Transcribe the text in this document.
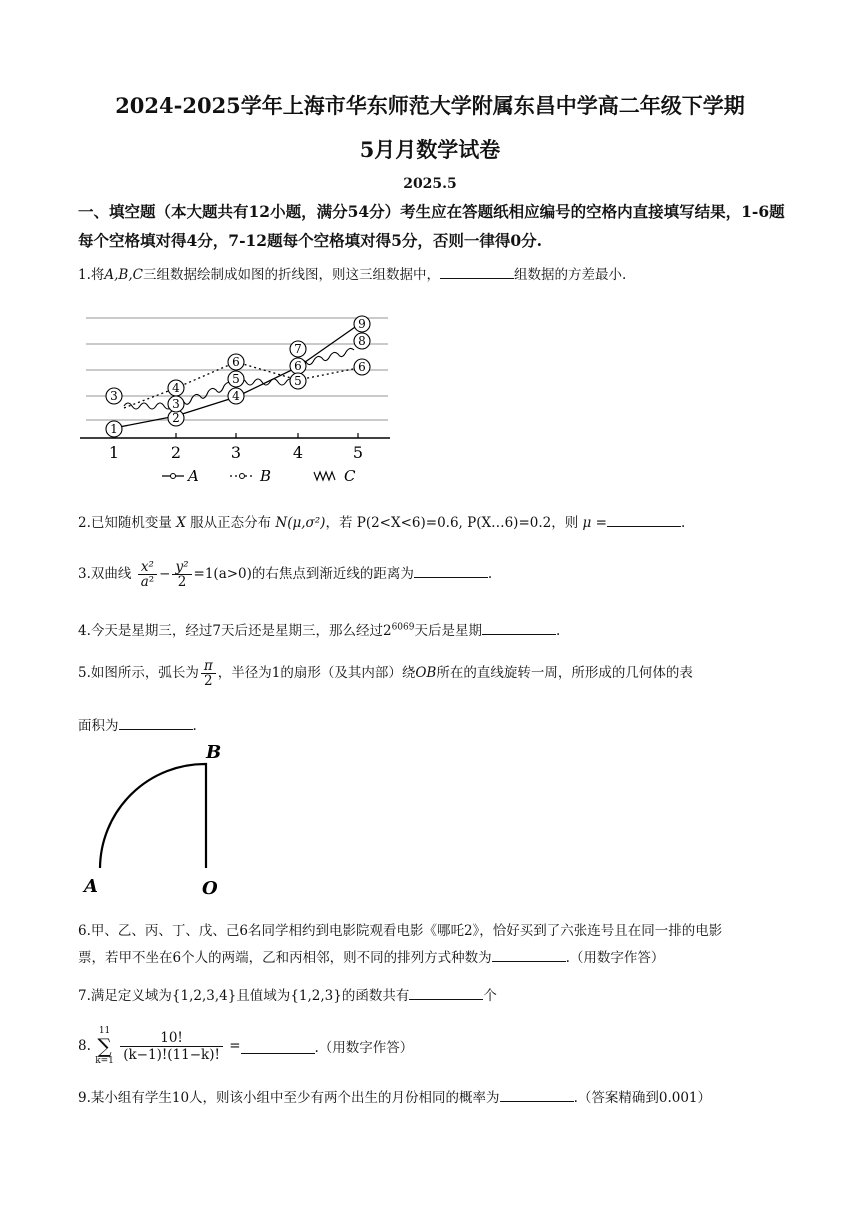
2024-2025学年上海市华东师范大学附属东昌中学高二年级下学期
5月月数学试卷
2025.5
一、填空题（本大题共有12小题，满分54分）考生应在答题纸相应编号的空格内直接填写结果，1-6题每个空格填对得4分，7-12题每个空格填对得5分，否则一律得0分.
1.将A,B,C三组数据绘制成如图的折线图，则这三组数据中，	组数据的方差最小.
1	2	3	4	5
1
2
3
4
3
6
5
4
7
6
5
9
8
6
A	B	C
2.已知随机变量 X 服从正态分布 N(μ,σ²)，若 P(2<X<6)=0.6, P(X…6)=0.2，则 μ =	.
3.双曲线 $\frac{\text{x²}}{\text{a²}} - \frac{\text{y²}}{2} =1(a>0)$的右焦点到渐近线的距离为	.
4.今天是星期三，经过7天后还是星期三，那么经过$2^{6069}$天后是星期	.
5.如图所示，弧长为 $\frac{\pi}{2}$ ，半径为1的扇形（及其内部）绕OB所在的直线旋转一周，所形成的几何体的表
面积为	.
B
A	O
6.甲、乙、丙、丁、戊、己6名同学相约到电影院观看电影《哪吒2》，恰好买到了六张连号且在同一排的电影
票，若甲不坐在6个人的两端，乙和丙相邻，则不同的排列方式种数为	.（用数字作答）
7.满足定义域为{1,2,3,4}且值域为{1,2,3}的函数共有	个
8.
11
∑
k=1
$\frac{10!}{(k-1)!(11-k)!}$ =	.（用数字作答）
9.某小组有学生10人，则该小组中至少有两个出生的月份相同的概率为	.（答案精确到0.001）
